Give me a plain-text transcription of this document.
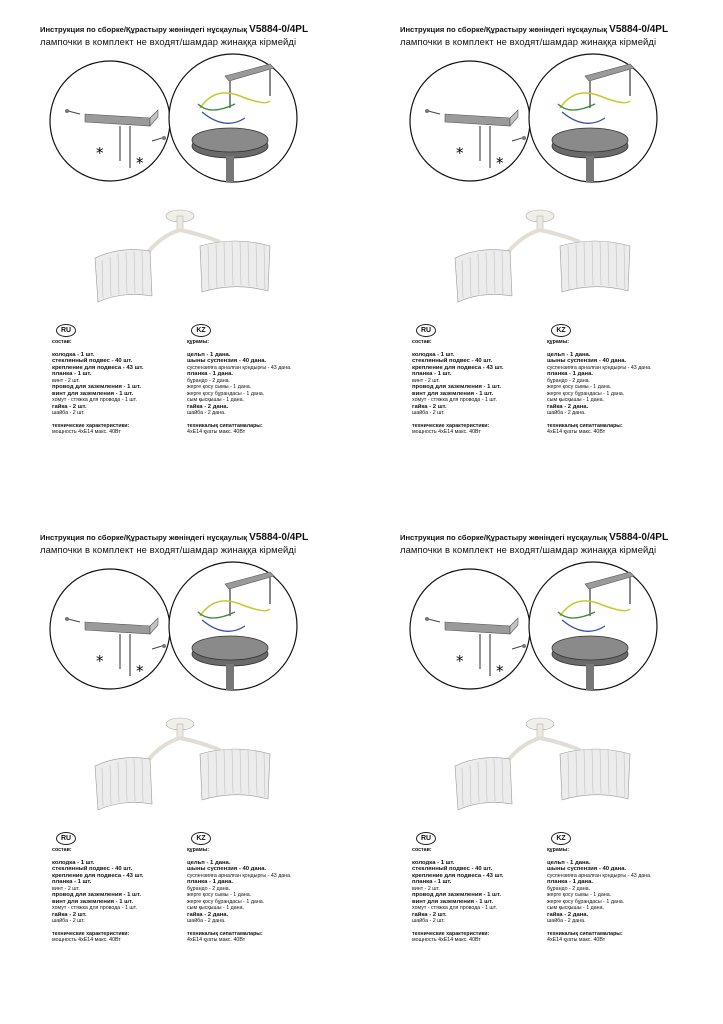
Инструкция по сборке/Құрастыру жөніндегі нұсқаулық V5884-0/4PL
лампочки в комплект не входят/шамдар жинаққа кірмейді
*
*
RU	KZ
состав:
колодка - 1 шт.
стеклянный подвес - 40 шт.
крепление для подвеса - 43 шт.
планка - 1 шт.
винт - 2 шт.
провод для заземления - 1 шт.
винт для заземления - 1 шт.
хомут - стяжка для провода - 1 шт.
гайка - 2 шт.
шайба - 2 шт.
технические характеристики:
мощность 4хE14 макс. 40Вт
құрамы:
цельп - 1 дана.
шыны суспензия - 40 дана.
суспензияға арналған қондырғы - 43 дана.
планка - 1 дана.
бұрандо - 2 дана.
жерге қосу сымы - 1 дана.
жерге қосу бұрандасы - 1 дана.
сым қысқышы - 1 дана.
гайка - 2 дана.
шайба - 2 дана.
техникалық сипаттамалары:
4хE14 қуаты макс. 40Вт
Инструкция по сборке/Құрастыру жөніндегі нұсқаулық V5884-0/4PL
лампочки в комплект не входят/шамдар жинаққа кірмейді
*
*
RU	KZ
состав:
колодка - 1 шт.
стеклянный подвес - 40 шт.
крепление для подвеса - 43 шт.
планка - 1 шт.
винт - 2 шт.
провод для заземления - 1 шт.
винт для заземления - 1 шт.
хомут - стяжка для провода - 1 шт.
гайка - 2 шт.
шайба - 2 шт.
технические характеристики:
мощность 4хE14 макс. 40Вт
құрамы:
цельп - 1 дана.
шыны суспензия - 40 дана.
суспензияға арналған қондырғы - 43 дана.
планка - 1 дана.
бұрандо - 2 дана.
жерге қосу сымы - 1 дана.
жерге қосу бұрандасы - 1 дана.
сым қысқышы - 1 дана.
гайка - 2 дана.
шайба - 2 дана.
техникалық сипаттамалары:
4хE14 қуаты макс. 40Вт
Инструкция по сборке/Құрастыру жөніндегі нұсқаулық V5884-0/4PL
лампочки в комплект не входят/шамдар жинаққа кірмейді
*
*
RU	KZ
состав:
колодка - 1 шт.
стеклянный подвес - 40 шт.
крепление для подвеса - 43 шт.
планка - 1 шт.
винт - 2 шт.
провод для заземления - 1 шт.
винт для заземления - 1 шт.
хомут - стяжка для провода - 1 шт.
гайка - 2 шт.
шайба - 2 шт.
технические характеристики:
мощность 4хE14 макс. 40Вт
құрамы:
цельп - 1 дана.
шыны суспензия - 40 дана.
суспензияға арналған қондырғы - 43 дана.
планка - 1 дана.
бұрандо - 2 дана.
жерге қосу сымы - 1 дана.
жерге қосу бұрандасы - 1 дана.
сым қысқышы - 1 дана.
гайка - 2 дана.
шайба - 2 дана.
техникалық сипаттамалары:
4хE14 қуаты макс. 40Вт
Инструкция по сборке/Құрастыру жөніндегі нұсқаулық V5884-0/4PL
лампочки в комплект не входят/шамдар жинаққа кірмейді
*
*
RU	KZ
состав:
колодка - 1 шт.
стеклянный подвес - 40 шт.
крепление для подвеса - 43 шт.
планка - 1 шт.
винт - 2 шт.
провод для заземления - 1 шт.
винт для заземления - 1 шт.
хомут - стяжка для провода - 1 шт.
гайка - 2 шт.
шайба - 2 шт.
технические характеристики:
мощность 4хE14 макс. 40Вт
құрамы:
цельп - 1 дана.
шыны суспензия - 40 дана.
суспензияға арналған қондырғы - 43 дана.
планка - 1 дана.
бұрандо - 2 дана.
жерге қосу сымы - 1 дана.
жерге қосу бұрандасы - 1 дана.
сым қысқышы - 1 дана.
гайка - 2 дана.
шайба - 2 дана.
техникалық сипаттамалары:
4хE14 қуаты макс. 40Вт
